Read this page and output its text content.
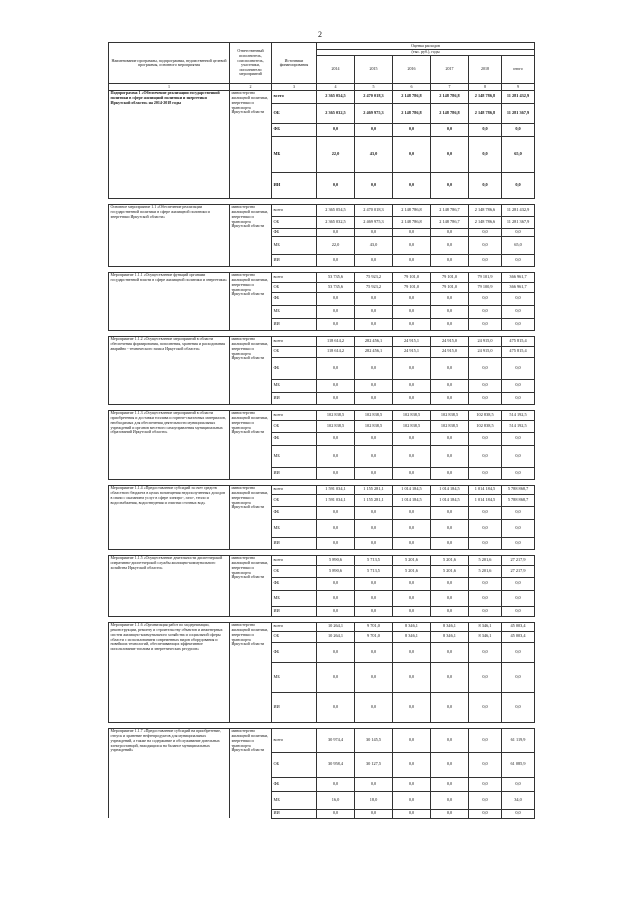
2
Наименование программы, подпрограммы, ведомственной целевой программы, основного мероприятия	Ответственный исполнитель, соисполнитель, участники, исполнители мероприятий	Источники финансирования	Оценка расходов					
			(тыс. руб.), годы					
			2014	2015	2016	2017	2018	итого
1	2	3	4	5	6	7	8	9
Подпрограмма 1 «Обеспечение реализации государственной политики в сфере жилищной политики и энергетики Иркутской области» на 2014-2018 годы	министерство жилищной политики, энергетики и транспорта Иркутской области	всего	2 365 054,5	2 470 018,3	2 148 786,8	2 148 786,8	2 148 786,8	11 281 432,9
		ОБ	2 365 032,5	2 469 975,3	2 148 786,8	2 148 786,8	2 148 786,8	11 281 367,9
		ФБ	0,0	0,0	0,0	0,0	0,0	0,0
		МБ	22,0	43,0	0,0	0,0	0,0	65,0
		ИИ	0,0	0,0	0,0	0,0	0,0	0,0

Основное мероприятие 1.1 «Обеспечение реализации государственной политики в сфере жилищной политики и энергетики Иркутской области»	министерство жилищной политики, энергетики и транспорта Иркутской области	всего	2 365 054,5	2 470 018,3	2 148 786,8	2 148 786,7	2 148 786,6	11 281 432,9
		ОБ	2 365 032,5	2 469 975,3	2 148 786,8	2 148 786,7	2 148 786,6	11 281 367,9
		ФБ	0,0	0,0	0,0	0,0	0,0	0,0
		МБ	22,0	43,0	0,0	0,0	0,0	65,0
		ИИ	0,0	0,0	0,0	0,0	0,0	0,0

Мероприятие 1.1.1 «Осуществление функций органами государственной власти в сфере жилищной политики и энергетики»	министерство жилищной политики, энергетики и транспорта Иркутской области	всего	53 735,6	75 923,2	79 101,0	79 101,0	79 101,9	366 961,7
		ОБ	53 735,6	75 923,2	79 101,0	79 101,0	79 100,9	366 961,7
		ФБ	0,0	0,0	0,0	0,0	0,0	0,0
		МБ	0,0	0,0	0,0	0,0	0,0	0,0
		ИИ	0,0	0,0	0,0	0,0	0,0	0,0

Мероприятие 1.1.2 «Осуществление мероприятий в области обеспечения формирования, пополнения, хранения и расходования аварийно - технического запаса Иркутской области»	министерство жилищной политики, энергетики и транспорта Иркутской области	всего	118 614,2	282 456,1	24 915,1	24 915,0	24 915,0	475 815,4
		ОБ	118 614,2	282 456,1	24 915,1	24 915,0	24 915,0	475 815,4
		ФБ	0,0	0,0	0,0	0,0	0,0	0,0
		МБ	0,0	0,0	0,0	0,0	0,0	0,0
		ИИ	0,0	0,0	0,0	0,0	0,0	0,0

Мероприятие 1.1.3 «Осуществление мероприятий в области приобретения и доставки топлива и горюче-смазочных материалов, необходимых для обеспечения деятельности муниципальных учреждений и органов местного самоуправления муниципальных образований Иркутской области»	министерство жилищной политики, энергетики и транспорта Иркутской области	всего	102 838,5	102 838,5	102 838,5	102 838,5	102 838,5	514 192,5
		ОБ	102 838,5	102 838,5	102 838,5	102 838,5	102 838,5	514 192,5
		ФБ	0,0	0,0	0,0	0,0	0,0	0,0
		МБ	0,0	0,0	0,0	0,0	0,0	0,0
		ИИ	0,0	0,0	0,0	0,0	0,0	0,0

Мероприятие 1.1.4 «Предоставление субсидий за счет средств областного бюджета в целях возмещения недополученных доходов в связи с оказанием услуг в сфере электро-, газо-, тепло и водоснабжения, водоотведения и очистки сточных вод»	министерство жилищной политики, энергетики и транспорта Иркутской области	всего	1 591 034,1	1 155 281,1	1 014 184,5	1 014 184,5	1 014 184,5	5 788 868,7
		ОБ	1 591 034,1	1 155 281,1	1 014 184,5	1 014 184,5	1 014 184,5	5 788 868,7
		ФБ	0,0	0,0	0,0	0,0	0,0	0,0
		МБ	0,0	0,0	0,0	0,0	0,0	0,0
		ИИ	0,0	0,0	0,0	0,0	0,0	0,0

Мероприятие 1.1.5 «Осуществление деятельности диспетчерской оперативно-диспетчерской службы жилищно-коммунального хозяйства Иркутской области»	министерство жилищной политики, энергетики и транспорта Иркутской области	всего	5 890,6	5 713,5	5 201,6	5 201,6	5 201,6	27 217,9
		ОБ	5 890,6	5 713,5	5 201,6	5 201,6	5 201,6	27 217,9
		ФБ	0,0	0,0	0,0	0,0	0,0	0,0
		МБ	0,0	0,0	0,0	0,0	0,0	0,0
		ИИ	0,0	0,0	0,0	0,0	0,0	0,0

Мероприятие 1.1.6 «Организация работ по модернизации, реконструкции, ремонту и строительству объектов и инженерных систем жилищно-коммунального хозяйства и социальной сферы области с использованием современных видов оборудования и новейших технологий, обеспечивающих эффективное использование топлива и энергетических ресурсов»	министерство жилищной политики, энергетики и транспорта Иркутской области	всего	10 264,1	9 701,0	8 346,1	8 346,1	8 346,1	45 003,4
		ОБ	10 264,1	9 701,0	8 346,1	8 346,1	8 346,1	45 003,4
		ФБ	0,0	0,0	0,0	0,0	0,0	0,0
		МБ	0,0	0,0	0,0	0,0	0,0	0,0
		ИИ	0,0	0,0	0,0	0,0	0,0	0,0

Мероприятие 1.1.7 «Предоставление субсидий на приобретение, отпуск и хранение нефтепродуктов для муниципальных учреждений, а также на содержание и обслуживание дизельных электростанций, находящихся на балансе муниципальных учреждений»	министерство жилищной политики, энергетики и транспорта Иркутской области	всего	30 974,4	30 145,5	0,0	0,0	0,0	61 119,9
		ОБ	30 958,4	30 127,5	0,0	0,0	0,0	61 085,9
		ФБ	0,0	0,0	0,0	0,0	0,0	0,0
		МБ	16,0	18,0	0,0	0,0	0,0	34,0
		ИИ	0,0	0,0	0,0	0,0	0,0	0,0
